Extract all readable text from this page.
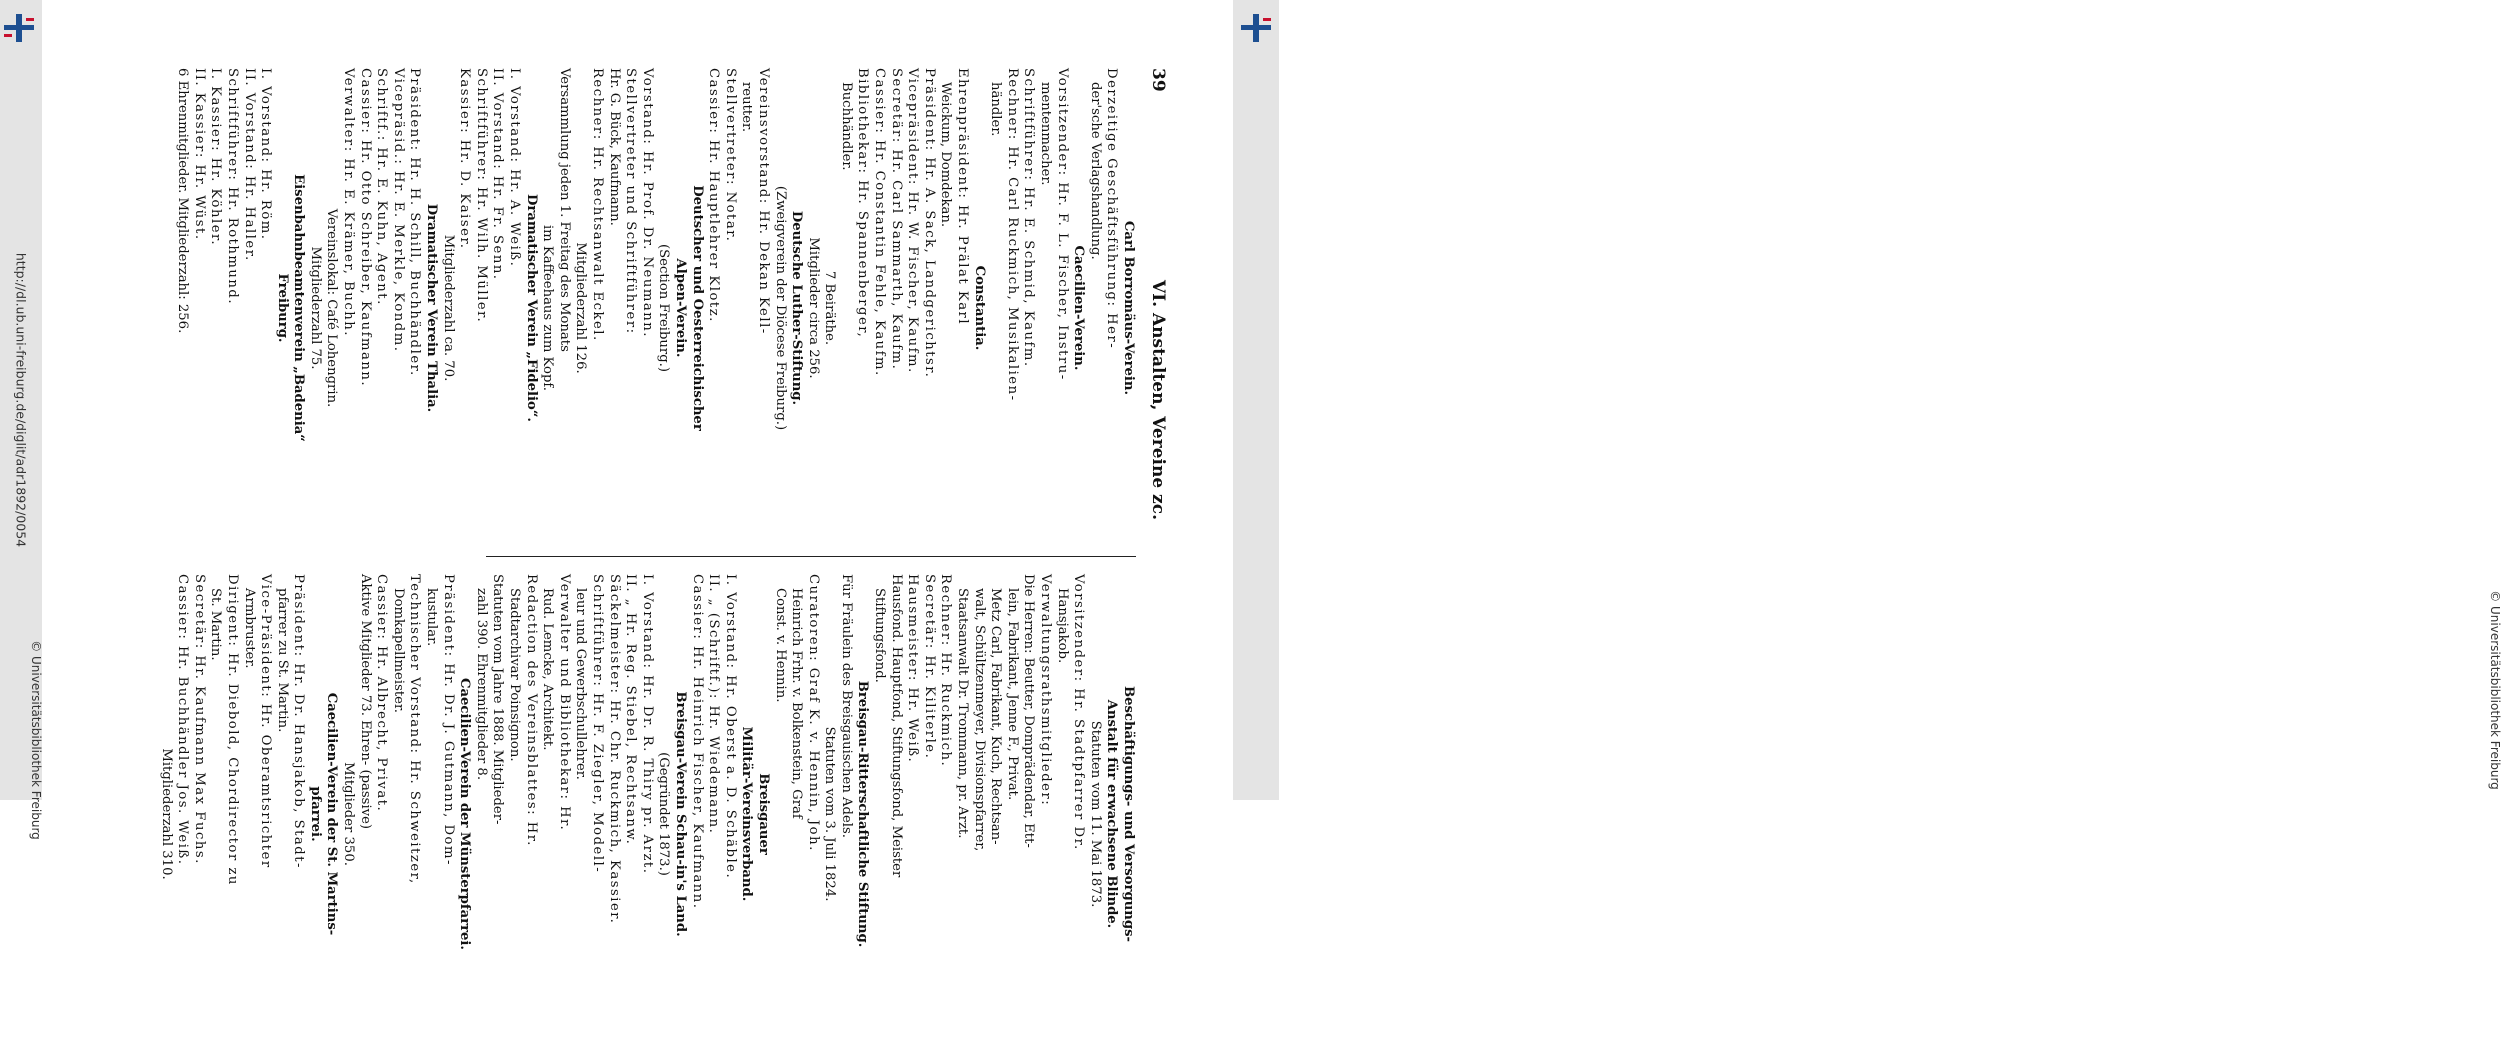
http://dl.ub.uni-freiburg.de/diglit/adr1892/0054
© Universitätsbibliothek Freiburg	© Universitätsbibliothek Freiburg
39
VI. Anstalten, Vereine zc.
Carl Borromäus-Verein.
Derzeitige Geschäftsführung: Her-
der'sche Verlagshandlung.
Caecilien-Verein.
Vorsitzender: Hr. F. L. Fischer, Instru-
mentenmacher.
Schriftführer: Hr. E. Schmid, Kaufm.
Rechner: Hr. Carl Ruckmich, Musikalien-
händler.
Constantia.
Ehrenpräsident: Hr. Prälat Karl
Weickum, Domdekan.
Präsident: Hr. A. Sack, Landgerichtsr.
Vicepräsident: Hr. W. Fischer, Kaufm.
Secretär: Hr. Carl Sammarth, Kaufm.
Cassier: Hr. Constantin Fehle, Kaufm.
Bibliothekar: Hr. Spannenberger,
Buchhändler.
7 Beiräthe.
Mitglieder circa 256.
Deutsche Luther-Stiftung.
(Zweigverein der Diöcese Freiburg.)
Vereinsvorstand: Hr. Dekan Kell-
reutter.
Stellvertreter: Notar.
Cassier: Hr. Hauptlehrer Klotz.
Deutscher und Oesterreichischer
Alpen-Verein.
(Section Freiburg.)
Vorstand: Hr. Prof. Dr. Neumann.
Stellvertreter und Schriftführer:
Hr. G. Bück, Kaufmann.
Rechner: Hr. Rechtsanwalt Eckel.
Mitgliederzahl 126.
Versammlung jeden 1. Freitag des Monats
im Kaffeehaus zum Kopf.
Dramatischer Verein „Fidelio“.
I. Vorstand: Hr. A. Weiß.
II. Vorstand: Hr. Fr. Senn.
Schriftführer: Hr. Wilh. Müller.
Kassier: Hr. D. Kaiser.
Mitgliederzahl ca. 70.
Dramatischer Verein Thalia.
Präsident: Hr. H. Schill, Buchhändler.
Vicepräsid.: Hr. E. Merkle, Kondm.
Schriftf.: Hr. E. Kuhn, Agent.
Cassier: Hr. Otto Schreiber, Kaufmann.
Verwalter: Hr. E. Krämer, Buchh.
Vereinslokal: Café Lohengrin.
Mitgliederzahl 75.
Eisenbahnbeamtenverein „Badenia“
Freiburg.
I. Vorstand: Hr. Röm.
II. Vorstand: Hr. Haller.
Schriftführer: Hr. Rothmund.
I. Kassier: Hr. Köhler.
II. Kassier: Hr. Wüst.
6 Ehrenmitglieder. Mitgliederzahl: 256.
Beschäftigungs- und Versorgungs-
Anstalt für erwachsene Blinde.
Statuten vom 11. Mai 1873.
Vorsitzender: Hr. Stadtpfarrer Dr.
Hansjakob.
Verwaltungsrathsmitglieder:
Die Herren: Beutter, Domprädendar, Ett-
lein, Fabrikant, Jenne F., Privat.
Metz Carl, Fabrikant, Kuch, Rechtsan-
walt, Schültzenmeyer, Divisionspfarrer,
Staatsanwalt Dr. Trommann, pr. Arzt.
Rechner: Hr. Ruckmich.
Secretär: Hr. Kiliterle.
Hausmeister: Hr. Weiß.
Hausfond. Hauptfond, Stiftungsfond, Meister
Stiftungsfond.
Breisgau-Ritterschaftliche Stiftung.
Für Fräulein des Breisgauischen Adels.
Statuten vom 3. Juli 1824.
Curatoren: Graf K. v. Hennin, Joh.
Heinrich Frhr. v. Bolkenstein, Graf
Const. v. Hennin.
Breisgauer
Militär-Vereinsverband.
I. Vorstand: Hr. Oberst a. D. Schäble.
II. „ (Schriftf.): Hr. Wiedemann.
Cassier: Hr. Heinrich Fischer, Kaufmann.
Breisgau-Verein Schau-in's Land.
(Gegründet 1873.)
I. Vorstand: Hr. Dr. R. Thiry pr. Arzt.
II. „ Hr. Reg. Stiebel, Rechtsanw.
Säckelmeister: Hr. Chr. Ruckmich, Kassier.
Schriftführer: Hr. F. Ziegler, Modell-
leur und Gewerbschullehrer.
Verwalter und Bibliothekar: Hr.
Rud. Lemcke, Architekt.
Redaction des Vereinsblattes: Hr.
Stadtarchivar Poinsignon.
Statuten vom Jahre 1888. Mitglieder-
zahl 390. Ehrenmitglieder 8.
Caecilien-Verein der Münsterpfarrei.
Präsident: Hr. Dr. J. Gutmann, Dom-
kustular.
Technischer Vorstand: Hr. Schweitzer,
Domkapellmeister.
Cassier: Hr. Albrecht, Privat.
Aktive Mitglieder 73. Ehren- (passive)
Mitglieder 350.
Caecilien-Verein der St. Martins-
pfarrei.
Präsident: Hr. Dr. Hansjakob, Stadt-
pfarrer zu St. Martin.
Vice-Präsident: Hr. Oberamtsrichter
Armbruster.
Dirigent: Hr. Diebold, Chordirector zu
St. Martin.
Secretär: Hr. Kaufmann Max Fuchs.
Cassier: Hr. Buchhändler Jos. Weiß.
Mitgliederzahl 310.
